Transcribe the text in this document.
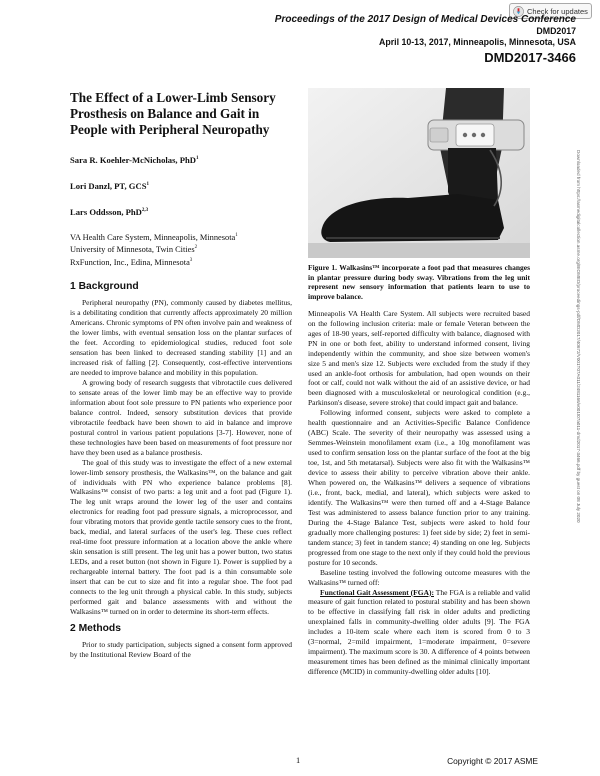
Check for updates
Proceedings of the 2017 Design of Medical Devices Conference
DMD2017
April 10-13, 2017, Minneapolis, Minnesota, USA
DMD2017-3466
Downloaded from https://asmedigitalcollection.asme.org/BIOMED/proceedings-pdf/DMD2017/40672/V001T07A011/2481166/v001t07a011-dmd2017-3466.pdf by guest on 08 July 2020
The Effect of a Lower-Limb Sensory Prosthesis on Balance and Gait in People with Peripheral Neuropathy
Sara R. Koehler-McNicholas, PhD$^1$
Lori Danzl, PT, GCS$^1$
Lars Oddsson, PhD$^{2,3}$
VA Health Care System, Minneapolis, Minnesota$^1$
University of Minnesota, Twin Cities$^2$
RxFunction, Inc., Edina, Minnesota$^3$
1 Background

Peripheral neuropathy (PN), commonly caused by diabetes mellitus, is a debilitating condition that currently affects approximately 20 million Americans. Chronic symptoms of PN often involve pain and weakness of the lower limbs, with eventual sensation loss on the plantar surfaces of the feet. According to epidemiological studies, reduced foot sole sensation has been linked to decreased standing stability [1] and an increased risk of falling [2]. Consequently, cost-effective interventions are needed to improve balance and mobility in this population.

A growing body of research suggests that vibrotactile cues delivered to sensate areas of the lower limb may be an effective way to provide information about foot sole pressure to PN patients who experience poor balance control. Indeed, sensory substitution devices that provide vibrotactile feedback have been shown to aid in balance and improve postural control in various patient populations [3-7]. However, none of these technologies have been based on measurements of foot pressure nor have they been used as a balance prosthesis.

The goal of this study was to investigate the effect of a new external lower-limb sensory prosthesis, the Walkasins™, on the balance and gait of individuals with PN who experience balance problems [8]. Walkasins™ consist of two parts: a leg unit and a foot pad (Figure 1). The leg unit wraps around the lower leg of the user and contains electronics for reading foot pad pressure signals, a microprocessor, and four vibrating motors that provide gentle tactile sensory cues to the front, back, medial, and lateral surfaces of the user's leg. These cues reflect real-time foot pressure information at a location above the ankle where skin sensation is still present. The leg unit has a power button, two status LEDs, and a reset button (not shown in Figure 1). Power is supplied by a rechargeable internal battery. The foot pad is a thin consumable sole insert that can be cut to size and fit into a regular shoe. The foot pad connects to the leg unit through a physical cable. In this study, subjects performed gait and balance assessments with and without the Walkasins™ turned on in order to determine its short-term effects.

2 Methods

Prior to study participation, subjects signed a consent form approved by the Institutional Review Board of the

Figure 1. Walkasins™ incorporate a foot pad that measures changes in plantar pressure during body sway. Vibrations from the leg unit represent new sensory information that patients learn to use to improve balance.

Minneapolis VA Health Care System. All subjects were recruited based on the following inclusion criteria: male or female Veteran between the ages of 18-90 years, self-reported difficulty with balance, diagnosed with PN in one or both feet, ability to understand informed consent, living independently within the community, and shoe size between women's size 5 and men's size 12. Subjects were excluded from the study if they used an ankle-foot orthosis for ambulation, had open wounds on their foot or calf, could not walk without the aid of an assistive device, or had been diagnosed with a musculoskeletal or neurological condition (e.g., Parkinson's disease, severe stroke) that could impact gait and balance.

Following informed consent, subjects were asked to complete a health questionnaire and an Activities-Specific Balance Confidence (ABC) Scale. The severity of their neuropathy was assessed using a Semmes-Weinstein monofilament exam (i.e., a 10g monofilament was used to confirm sensation loss on the plantar surface of the foot at the big toe, 1st, and 5th metatarsal). Subjects were also fit with the Walkasins™ device to assess their ability to perceive vibration above their ankle. When powered on, the Walkasins™ delivers a sequence of vibrations (i.e., front, back, medial, and lateral), which subjects were asked to identify. The Walkasins™ were then turned off and a 4-Stage Balance Test was administered to assess balance function prior to any training. During the 4-Stage Balance Test, subjects were asked to hold four gradually more challenging postures: 1) feet side by side; 2) feet in semi-tandem stance; 3) feet in tandem stance; 4) standing on one leg. Subjects progressed from one stage to the next only if they could hold the previous posture for 10 seconds.

Baseline testing involved the following outcome measures with the Walkasins™ turned off:

Functional Gait Assessment (FGA): The FGA is a reliable and valid measure of gait function related to postural stability and has been shown to be effective in classifying fall risk in older adults and predicting unexplained falls in community-dwelling older adults [9]. The FGA includes a 10-item scale where each item is scored from 0 to 3 (3=normal, 2=mild impairment, 1=moderate impairment, 0=severe impairment). The maximum score is 30. A difference of 4 points between measurement times has been defined as the minimal clinically important difference (MCID) in community-dwelling older adults [10].

1	Copyright © 2017 ASME
